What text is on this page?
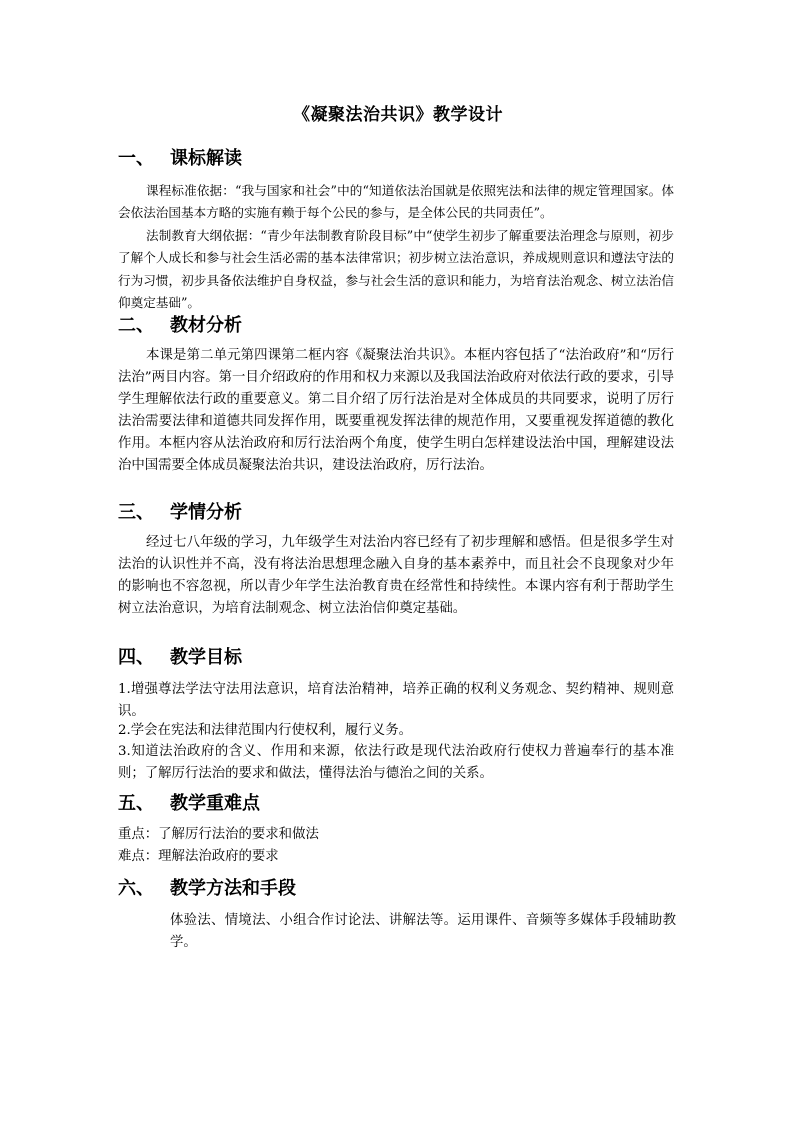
《凝聚法治共识》教学设计
一、 课标解读
课程标准依据：“我与国家和社会”中的“知道依法治国就是依照宪法和法律的规定管理国家。体会依法治国基本方略的实施有赖于每个公民的参与，是全体公民的共同责任”。
法制教育大纲依据：“青少年法制教育阶段目标”中“使学生初步了解重要法治理念与原则，初步了解个人成长和参与社会生活必需的基本法律常识；初步树立法治意识，养成规则意识和遵法守法的行为习惯，初步具备依法维护自身权益，参与社会生活的意识和能力，为培育法治观念、树立法治信仰奠定基础”。
二、 教材分析
本课是第二单元第四课第二框内容《凝聚法治共识》。本框内容包括了“法治政府”和“厉行法治”两目内容。第一目介绍政府的作用和权力来源以及我国法治政府对依法行政的要求，引导学生理解依法行政的重要意义。第二目介绍了厉行法治是对全体成员的共同要求，说明了厉行法治需要法律和道德共同发挥作用，既要重视发挥法律的规范作用，又要重视发挥道德的教化作用。本框内容从法治政府和厉行法治两个角度，使学生明白怎样建设法治中国，理解建设法治中国需要全体成员凝聚法治共识，建设法治政府，厉行法治。
三、 学情分析
经过七八年级的学习，九年级学生对法治内容已经有了初步理解和感悟。但是很多学生对法治的认识性并不高，没有将法治思想理念融入自身的基本素养中，而且社会不良现象对少年的影响也不容忽视，所以青少年学生法治教育贵在经常性和持续性。本课内容有利于帮助学生树立法治意识，为培育法制观念、树立法治信仰奠定基础。
四、 教学目标
1.增强尊法学法守法用法意识，培育法治精神，培养正确的权利义务观念、契约精神、规则意识。
2.学会在宪法和法律范围内行使权利，履行义务。
3.知道法治政府的含义、作用和来源，依法行政是现代法治政府行使权力普遍奉行的基本准则；了解厉行法治的要求和做法，懂得法治与德治之间的关系。
五、 教学重难点
重点：了解厉行法治的要求和做法
难点：理解法治政府的要求
六、 教学方法和手段
体验法、情境法、小组合作讨论法、讲解法等。运用课件、音频等多媒体手段辅助教学。
